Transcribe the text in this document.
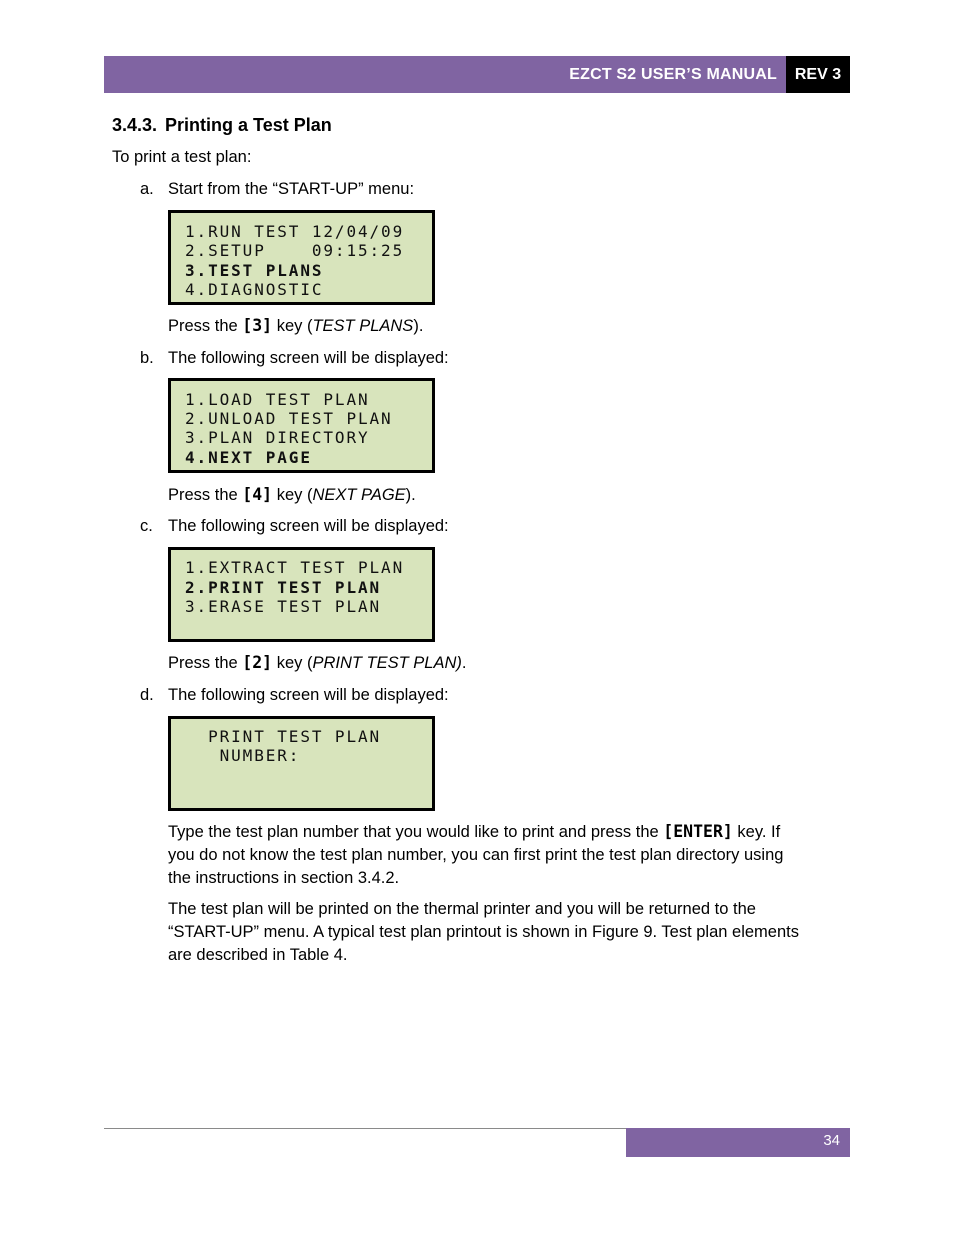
EZCT S2 USER’S MANUAL	REV 3
3.4.3. Printing a Test Plan
To print a test plan:
a. Start from the “START-UP” menu:
1.RUN TEST 12/04/09
2.SETUP    09:15:25
3.TEST PLANS
4.DIAGNOSTIC
Press the [3] key (TEST PLANS).
b. The following screen will be displayed:
1.LOAD TEST PLAN
2.UNLOAD TEST PLAN
3.PLAN DIRECTORY
4.NEXT PAGE
Press the [4] key (NEXT PAGE).
c. The following screen will be displayed:
1.EXTRACT TEST PLAN
2.PRINT TEST PLAN
3.ERASE TEST PLAN
Press the [2] key (PRINT TEST PLAN).
d. The following screen will be displayed:
PRINT TEST PLAN
NUMBER:
Type the test plan number that you would like to print and press the [ENTER] key. If
you do not know the test plan number, you can first print the test plan directory using
the instructions in section 3.4.2.
The test plan will be printed on the thermal printer and you will be returned to the
“START-UP” menu. A typical test plan printout is shown in Figure 9. Test plan elements
are described in Table 4.
34
